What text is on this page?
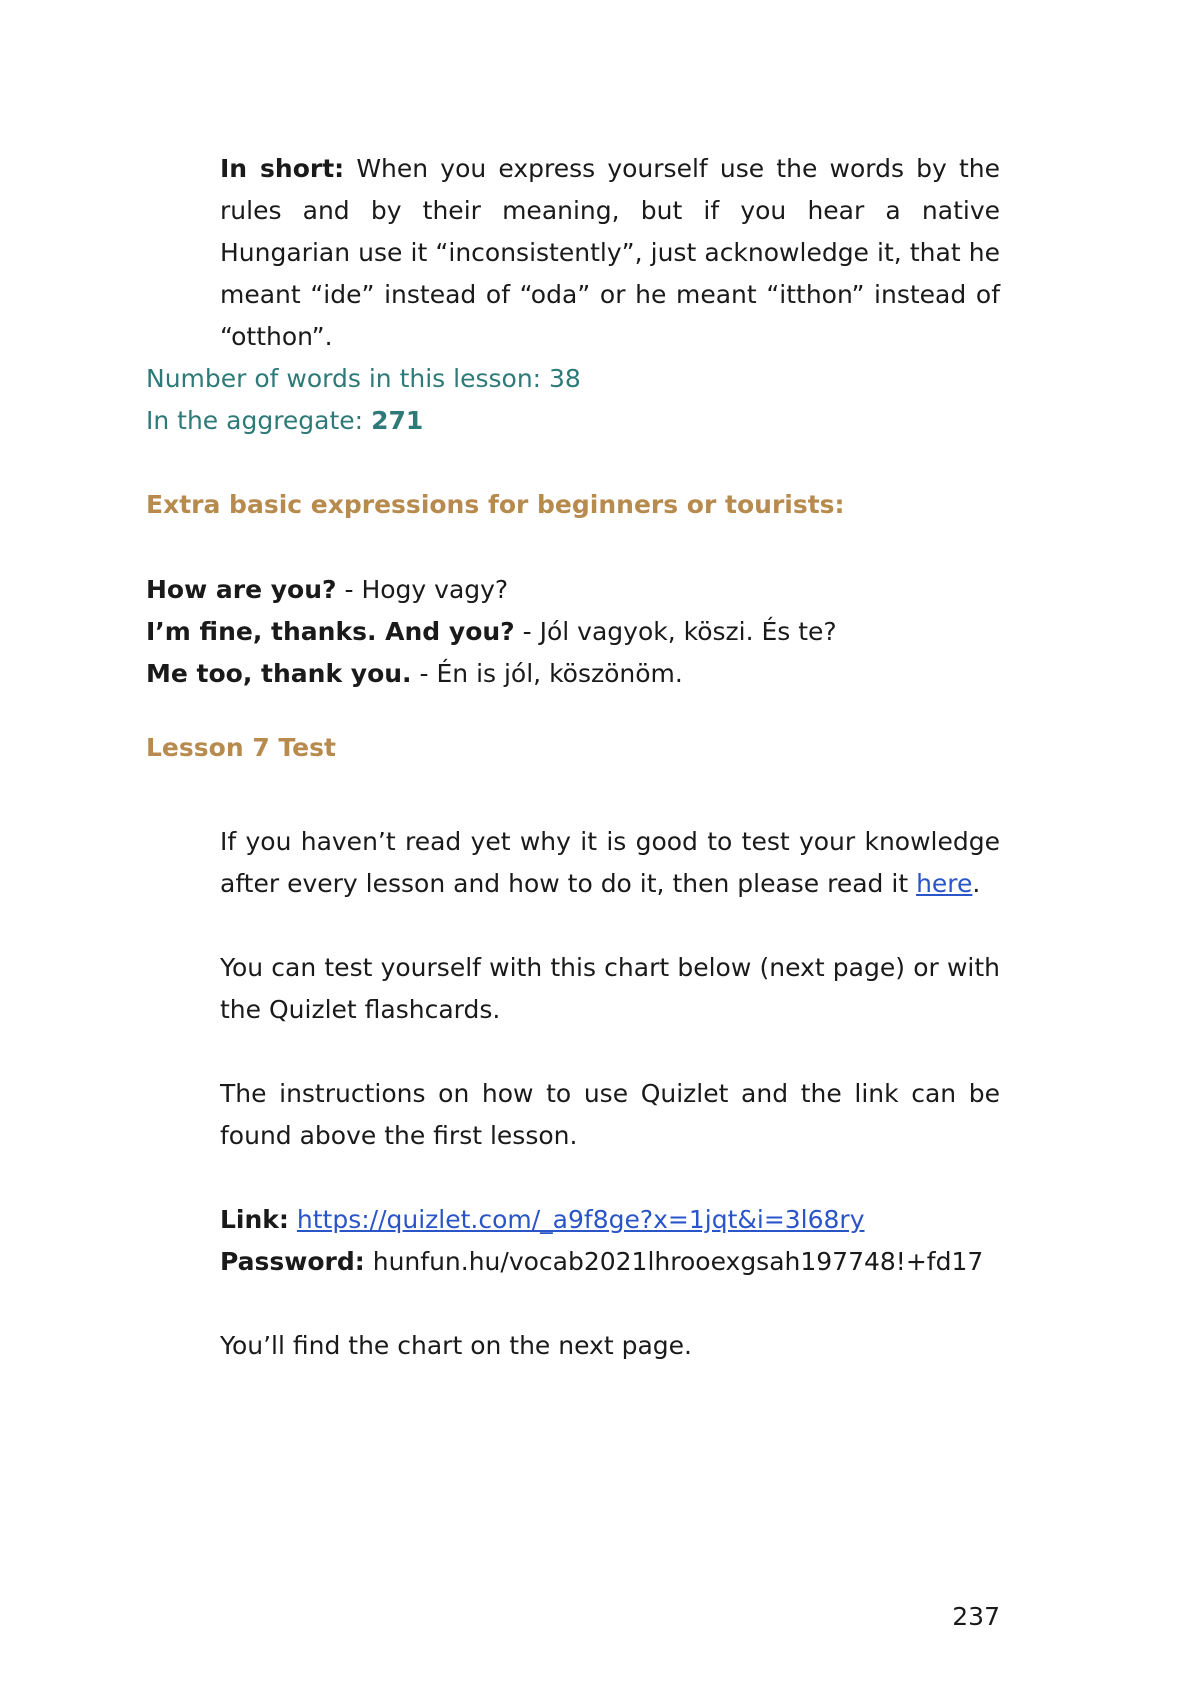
In short: When you express yourself use the words by the rules and by their meaning, but if you hear a native Hungarian use it “inconsistently”, just acknowledge it, that he meant “ide” instead of “oda” or he meant “itthon” instead of “otthon”.

Number of words in this lesson: 38

In the aggregate: 271

Extra basic expressions for beginners or tourists:

How are you? - Hogy vagy?

I’m fine, thanks. And you? - Jól vagyok, köszi. És te?

Me too, thank you. - Én is jól, köszönöm.

Lesson 7 Test

If you haven’t read yet why it is good to test your knowledge after every lesson and how to do it, then please read it here.

You can test yourself with this chart below (next page) or with the Quizlet flashcards.

The instructions on how to use Quizlet and the link can be found above the first lesson.

Link: https://quizlet.com/_a9f8ge?x=1jqt&i=3l68ry

Password: hunfun.hu/vocab2021lhrooexgsah197748!+fd17

You’ll find the chart on the next page.

237
